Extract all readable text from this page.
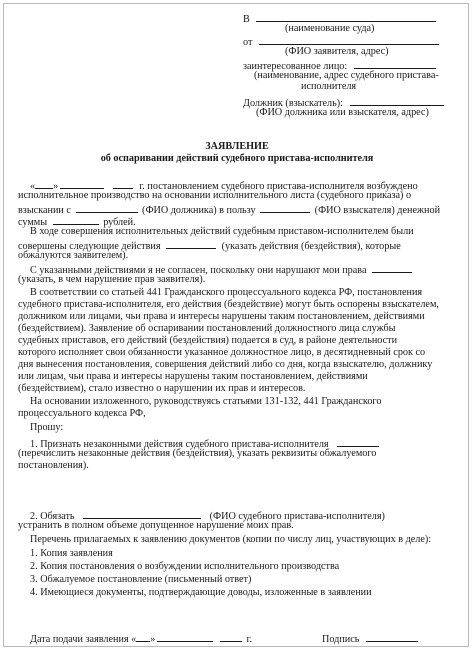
В
(наименование суда)
от
(ФИО заявителя, адрес)
заинтересованное лицо:
(наименование, адрес судебного пристава-
исполнителя
Должник (взыскатель):
(ФИО должника или взыскателя, адрес)
ЗАЯВЛЕНИЕ
об оспаривании действий судебного пристава-исполнителя
« »	г. постановлением судебного пристава-исполнителя возбуждено
исполнительное производство на основании исполнительного листа (судебного приказа) о
взыскании с	(ФИО должника) в пользу	(ФИО взыскателя) денежной
суммы	рублей.
В ходе совершения исполнительных действий судебным приставом-исполнителем были
совершены следующие действия	(указать действия (бездействия), которые
обжалуются заявителем).
С указанными действиями я не согласен, поскольку они нарушают мои права
(указать, в чем нарушение прав заявителя).
В соответствии со статьей 441 Гражданского процессуального кодекса РФ, постановления
судебного пристава-исполнителя, его действия (бездействие) могут быть оспорены взыскателем,
должником или лицами, чьи права и интересы нарушены таким постановлением, действиями
(бездействием). Заявление об оспаривании постановлений должностного лица службы
судебных приставов, его действий (бездействия) подается в суд, в районе деятельности
которого исполняет свои обязанности указанное должностное лицо, в десятидневный срок со
дня вынесения постановления, совершения действий либо со дня, когда взыскателю, должнику
или лицам, чьи права и интересы нарушены таким постановлением, действиями
(бездействием), стало известно о нарушении их прав и интересов.
На основании изложенного, руководствуясь статьями 131-132, 441 Гражданского
процессуального кодекса РФ,
Прошу:
1. Признать незаконными действия судебного пристава-исполнителя
(перечислить незаконные действия (бездействия), указать реквизиты обжалуемого
постановления).
2. Обязать	(ФИО судебного пристава-исполнителя)
устранить в полном объеме допущенное нарушение моих прав.
Перечень прилагаемых к заявлению документов (копии по числу лиц, участвующих в деле):
1. Копия заявления
2. Копия постановления о возбуждении исполнительного производства
3. Обжалуемое постановление (письменный ответ)
4. Имеющиеся документы, подтверждающие доводы, изложенные в заявлении
Дата подачи заявления « »	г.	Подпись
